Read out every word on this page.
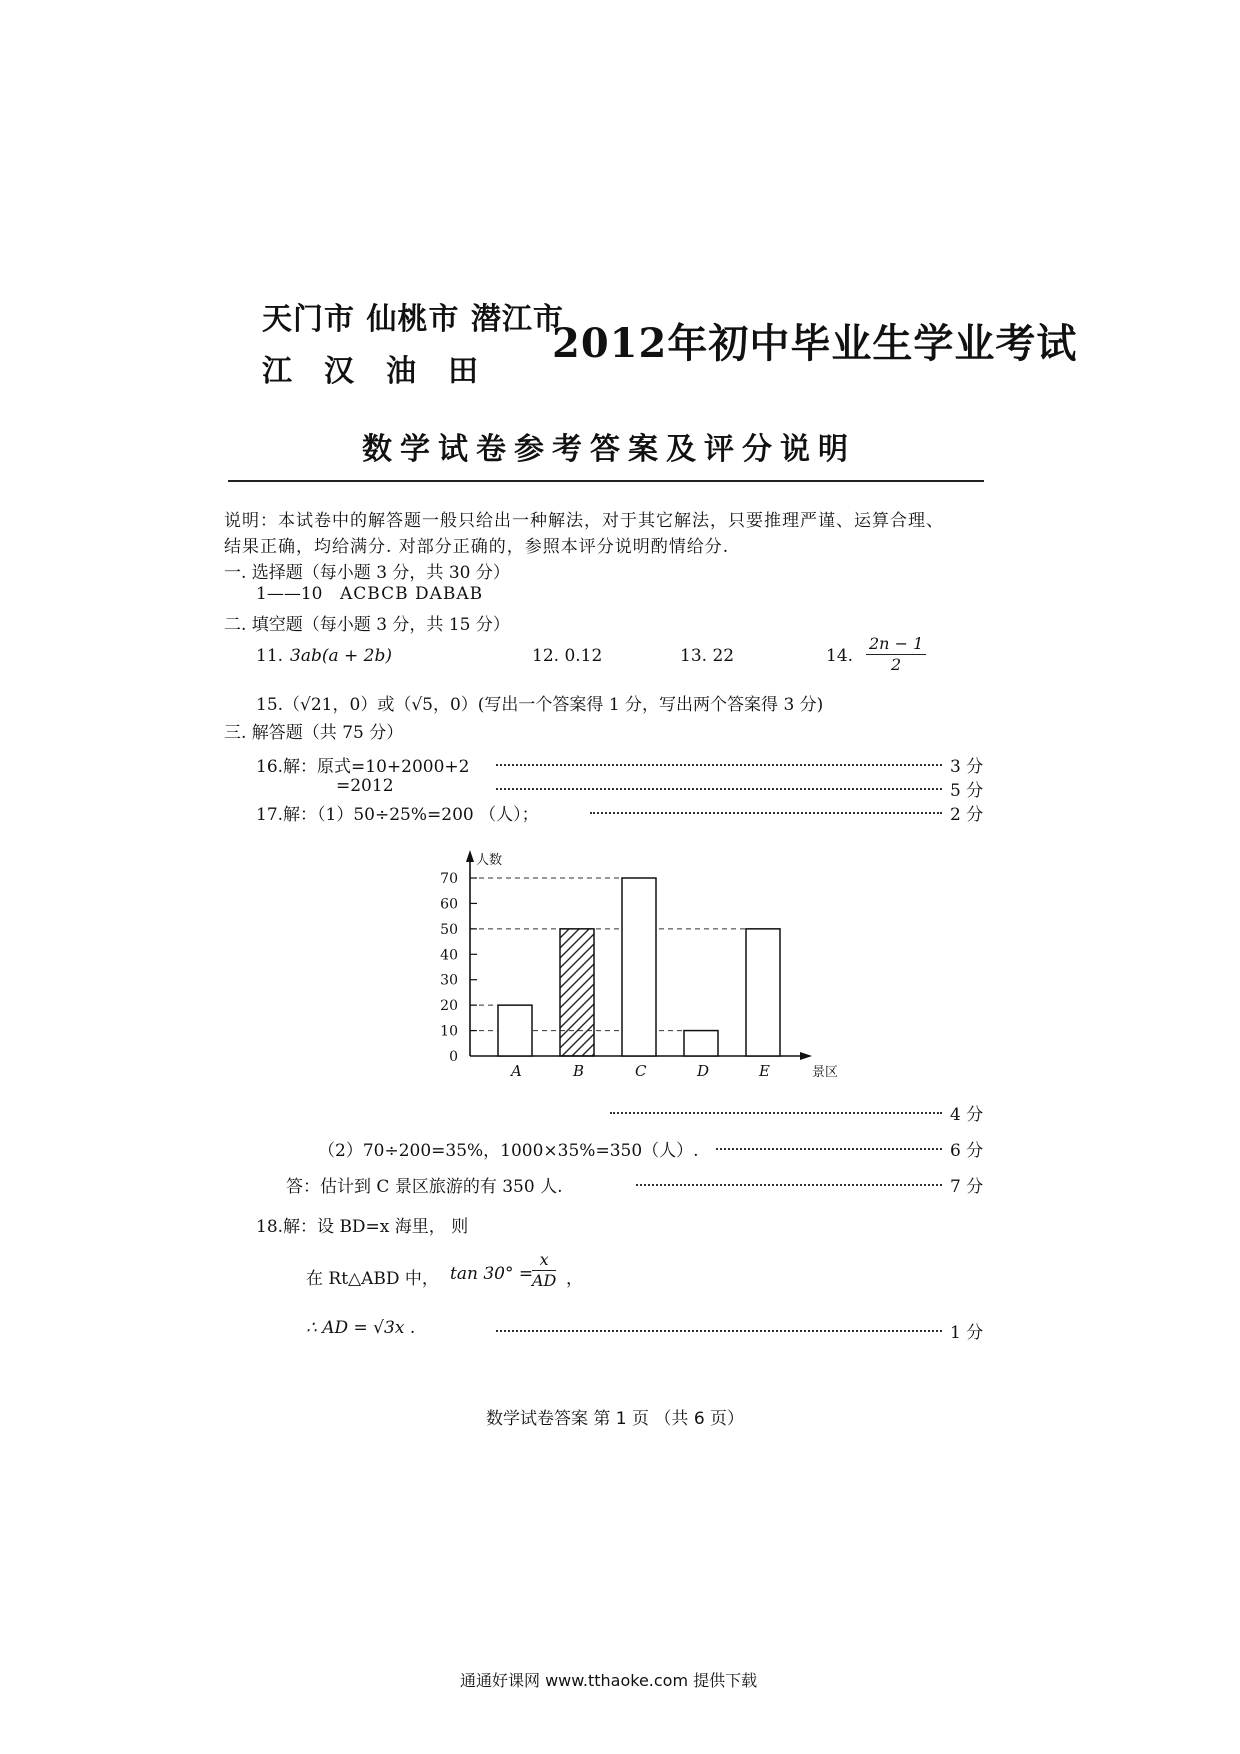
天门市 仙桃市 潜江市
江　汉　油　田
2012年初中毕业生学业考试
数学试卷参考答案及评分说明
说明：本试卷中的解答题一般只给出一种解法，对于其它解法，只要推理严谨、运算合理、
结果正确，均给满分. 对部分正确的，参照本评分说明酌情给分.
一. 选择题（每小题 3 分，共 30 分）
1——10 ACBCB DABAB
二. 填空题（每小题 3 分，共 15 分）
11. 3ab(a + 2b)	12. 0.12	13. 22	14. $\frac{2n - 1}{2}$
15.（√21，0）或（√5，0）(写出一个答案得 1 分，写出两个答案得 3 分)
三. 解答题（共 75 分）
16.解：原式=10+2000+2	3 分
=2012	5 分
17.解：（1）50÷25%=200 （人）；	2 分
0
10
20
30
40
50
60
70
人数
景区
A	B	C	D	E
4 分
（2）70÷200=35%，1000×35%=350（人）.	6 分
答：估计到 C 景区旅游的有 350 人.	7 分
18.解：设 BD=x 海里， 则
在 Rt△ABD 中， tan 30° =
$\frac{x}{AD}$ ，
∴ AD = √3x .	1 分
数学试卷答案 第 1 页 （共 6 页）
通通好课网 www.tthaoke.com 提供下载
